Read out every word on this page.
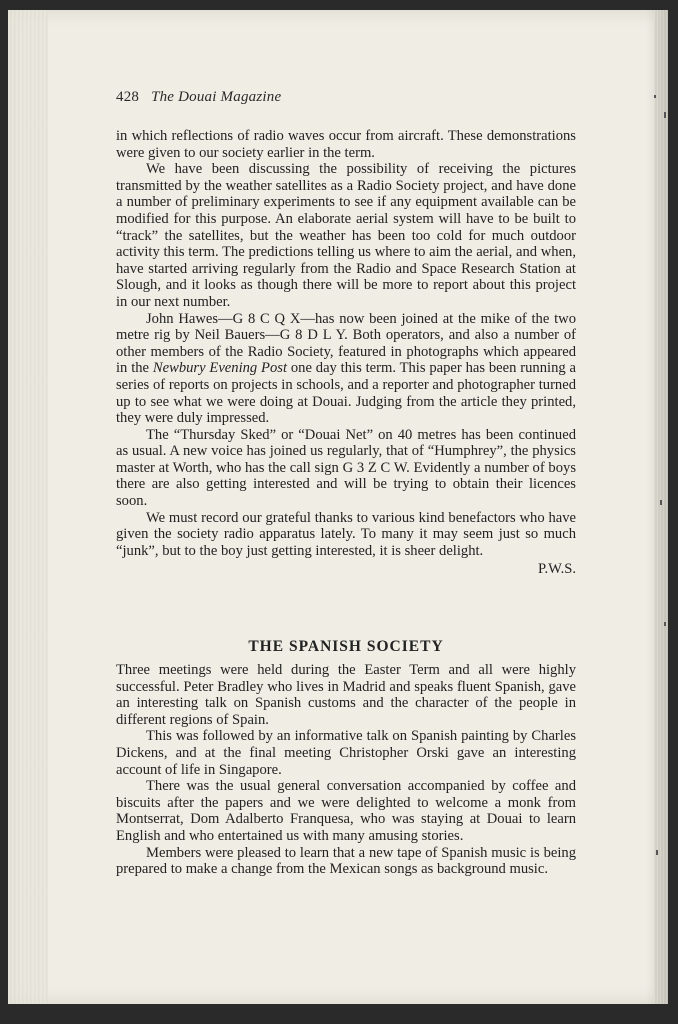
428 The Douai Magazine

in which reflections of radio waves occur from aircraft. These demonstrations were given to our society earlier in the term.

We have been discussing the possibility of receiving the pictures transmitted by the weather satellites as a Radio Society project, and have done a number of preliminary experiments to see if any equipment available can be modified for this purpose. An elaborate aerial system will have to be built to “track” the satellites, but the weather has been too cold for much outdoor activity this term. The predictions telling us where to aim the aerial, and when, have started arriving regularly from the Radio and Space Research Station at Slough, and it looks as though there will be more to report about this project in our next number.

John Hawes—G 8 C Q X—has now been joined at the mike of the two metre rig by Neil Bauers—G 8 D L Y. Both operators, and also a number of other members of the Radio Society, featured in photographs which appeared in the Newbury Evening Post one day this term. This paper has been running a series of reports on projects in schools, and a reporter and photographer turned up to see what we were doing at Douai. Judging from the article they printed, they were duly impressed.

The “Thursday Sked” or “Douai Net” on 40 metres has been continued as usual. A new voice has joined us regularly, that of “Humphrey”, the physics master at Worth, who has the call sign G 3 Z C W. Evidently a number of boys there are also getting interested and will be trying to obtain their licences soon.

We must record our grateful thanks to various kind benefactors who have given the society radio apparatus lately. To many it may seem just so much “junk”, but to the boy just getting interested, it is sheer delight.

P.W.S.

THE SPANISH SOCIETY

Three meetings were held during the Easter Term and all were highly successful. Peter Bradley who lives in Madrid and speaks fluent Spanish, gave an interesting talk on Spanish customs and the character of the people in different regions of Spain.

This was followed by an informative talk on Spanish painting by Charles Dickens, and at the final meeting Christopher Orski gave an interesting account of life in Singapore.

There was the usual general conversation accompanied by coffee and biscuits after the papers and we were delighted to welcome a monk from Montserrat, Dom Adalberto Franquesa, who was staying at Douai to learn English and who entertained us with many amusing stories.

Members were pleased to learn that a new tape of Spanish music is being prepared to make a change from the Mexican songs as background music.
